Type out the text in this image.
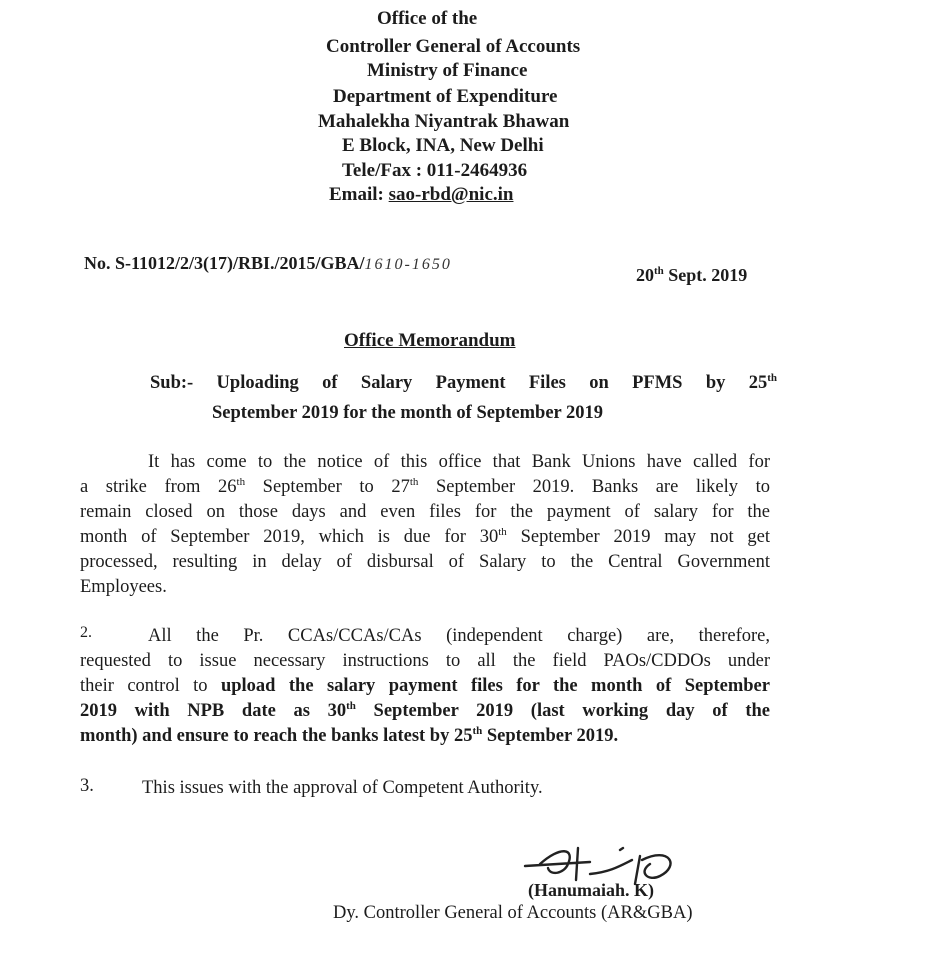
Office of the
Controller General of Accounts
Ministry of Finance
Department of Expenditure
Mahalekha Niyantrak Bhawan
E Block, INA, New Delhi
Tele/Fax : 011-2464936
Email: sao-rbd@nic.in
No. S-11012/2/3(17)/RBI./2015/GBA/1610-1650
20th Sept. 2019
Office Memorandum
Sub:- Uploading of Salary Payment Files on PFMS by 25th
September 2019 for the month of September 2019
It has come to the notice of this office that Bank Unions have called for
a strike from 26th September to 27th September 2019. Banks are likely to
remain closed on those days and even files for the payment of salary for the
month of September 2019, which is due for 30th September 2019 may not get
processed, resulting in delay of disbursal of Salary to the Central Government
Employees.
2.	All the Pr. CCAs/CCAs/CAs (independent charge) are, therefore,
requested to issue necessary instructions to all the field PAOs/CDDOs under
their control to upload the salary payment files for the month of September
2019 with NPB date as 30th September 2019 (last working day of the
month) and ensure to reach the banks latest by 25th September 2019.
3.	This issues with the approval of Competent Authority.
(Hanumaiah. K)
Dy. Controller General of Accounts (AR&GBA)
